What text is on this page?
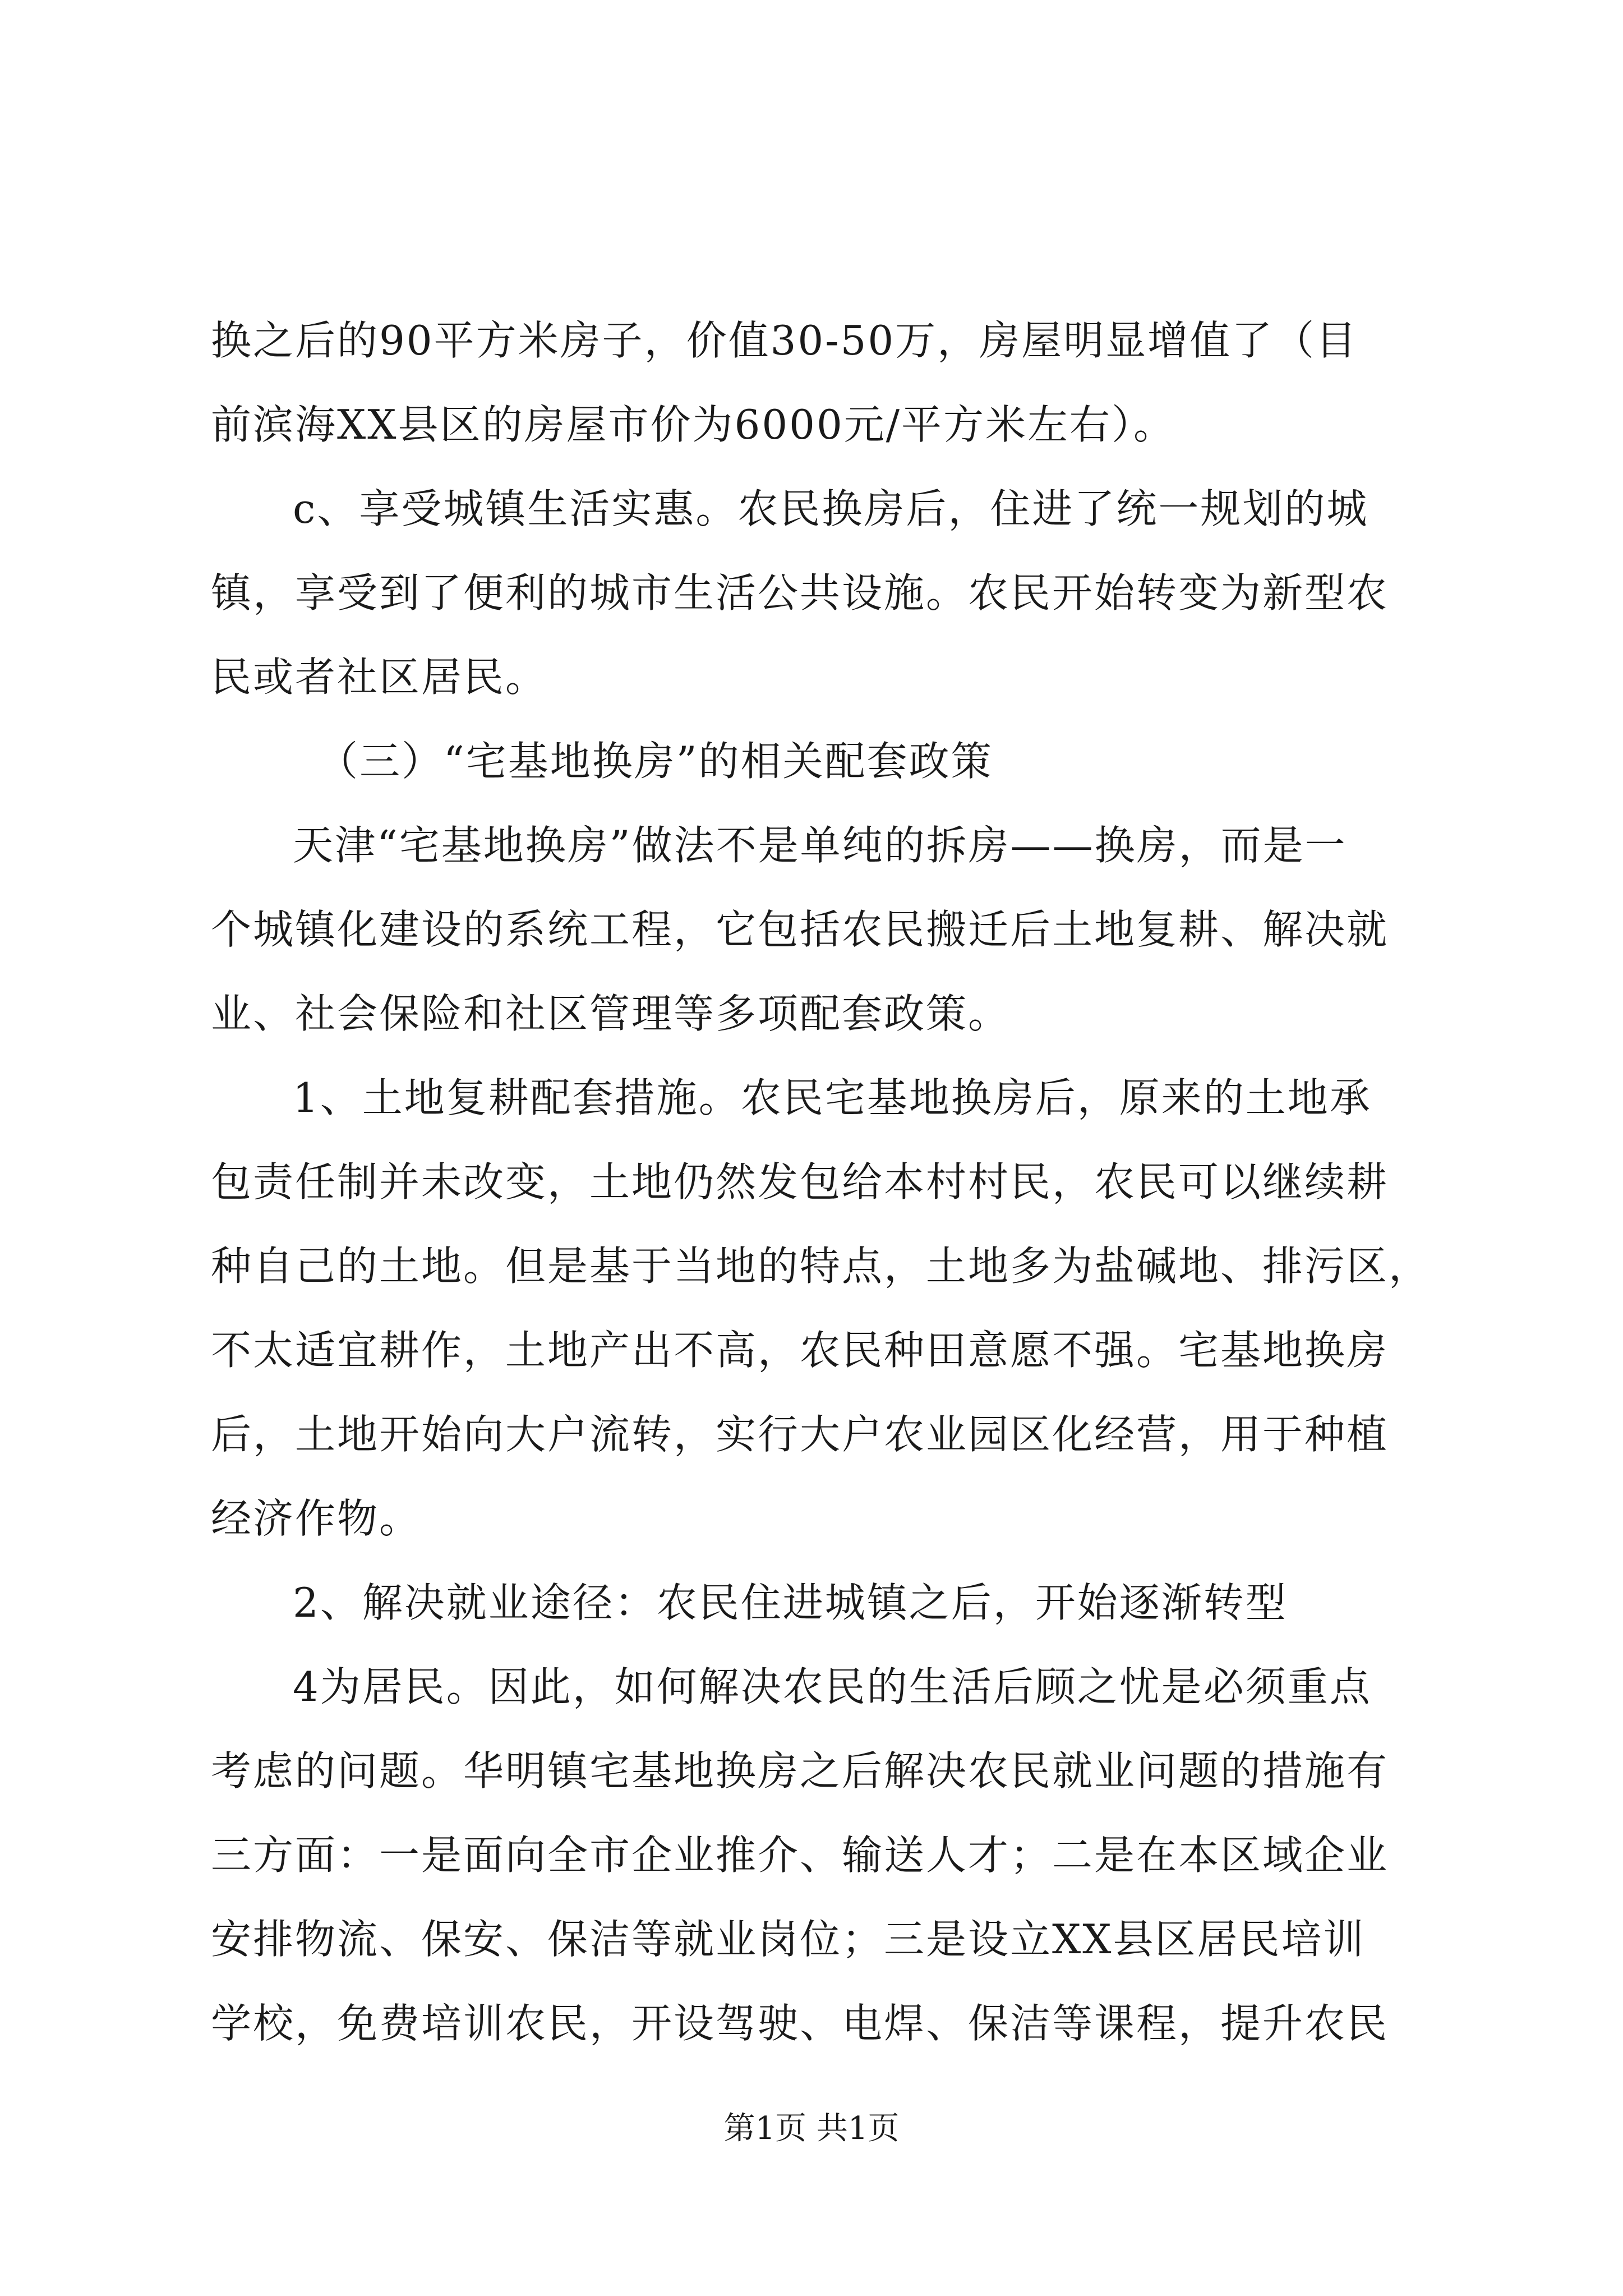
换之后的90平方米房子，价值30-50万，房屋明显增值了（目
前滨海XX县区的房屋市价为6000元/平方米左右）。
c、享受城镇生活实惠。农民换房后，住进了统一规划的城
镇，享受到了便利的城市生活公共设施。农民开始转变为新型农
民或者社区居民。
（三）“宅基地换房”的相关配套政策
天津“宅基地换房”做法不是单纯的拆房——换房，而是一
个城镇化建设的系统工程，它包括农民搬迁后土地复耕、解决就
业、社会保险和社区管理等多项配套政策。
1、土地复耕配套措施。农民宅基地换房后，原来的土地承
包责任制并未改变，土地仍然发包给本村村民，农民可以继续耕
种自己的土地。但是基于当地的特点，土地多为盐碱地、排污区，
不太适宜耕作，土地产出不高，农民种田意愿不强。宅基地换房
后，土地开始向大户流转，实行大户农业园区化经营，用于种植
经济作物。
2、解决就业途径：农民住进城镇之后，开始逐渐转型
4为居民。因此，如何解决农民的生活后顾之忧是必须重点
考虑的问题。华明镇宅基地换房之后解决农民就业问题的措施有
三方面：一是面向全市企业推介、输送人才；二是在本区域企业
安排物流、保安、保洁等就业岗位；三是设立XX县区居民培训
学校，免费培训农民，开设驾驶、电焊、保洁等课程，提升农民
第1页 共1页
